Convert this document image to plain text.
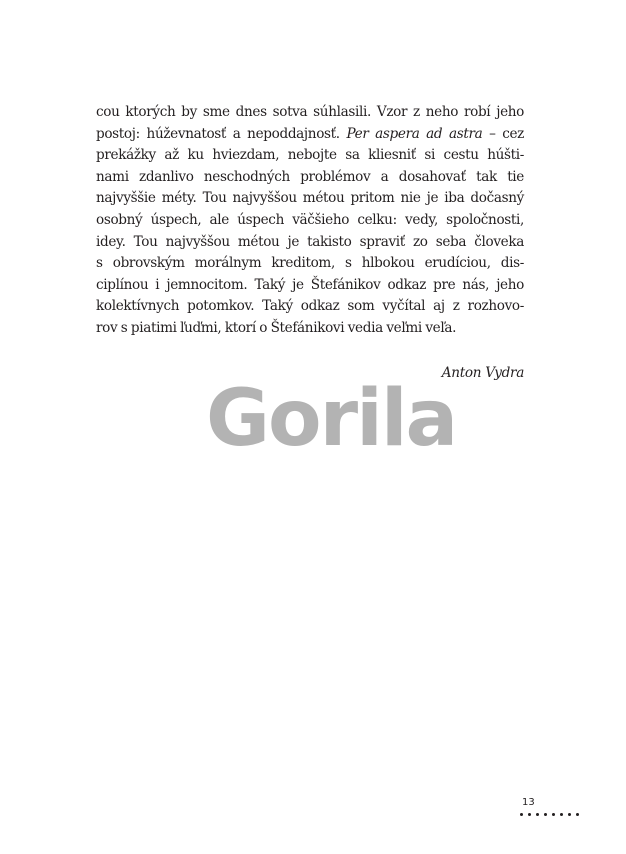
cou ktorých by sme dnes sotva súhlasili. Vzor z neho robí jeho
postoj: húževnatosť a nepoddajnosť. Per aspera ad astra – cez
prekážky až ku hviezdam, nebojte sa kliesniť si cestu húšti-
nami zdanlivo neschodných problémov a dosahovať tak tie
najvyššie méty. Tou najvyššou métou pritom nie je iba dočasný
osobný úspech, ale úspech väčšieho celku: vedy, spoločnosti,
idey. Tou najvyššou métou je takisto spraviť zo seba človeka
s obrovským morálnym kreditom, s hlbokou erudíciou, dis-
ciplínou i jemnocitom. Taký je Štefánikov odkaz pre nás, jeho
kolektívnych potomkov. Taký odkaz som vyčítal aj z rozhovo-
rov s piatimi ľuďmi, ktorí o Štefánikovi vedia veľmi veľa.
Anton Vydra
Gorila
13
